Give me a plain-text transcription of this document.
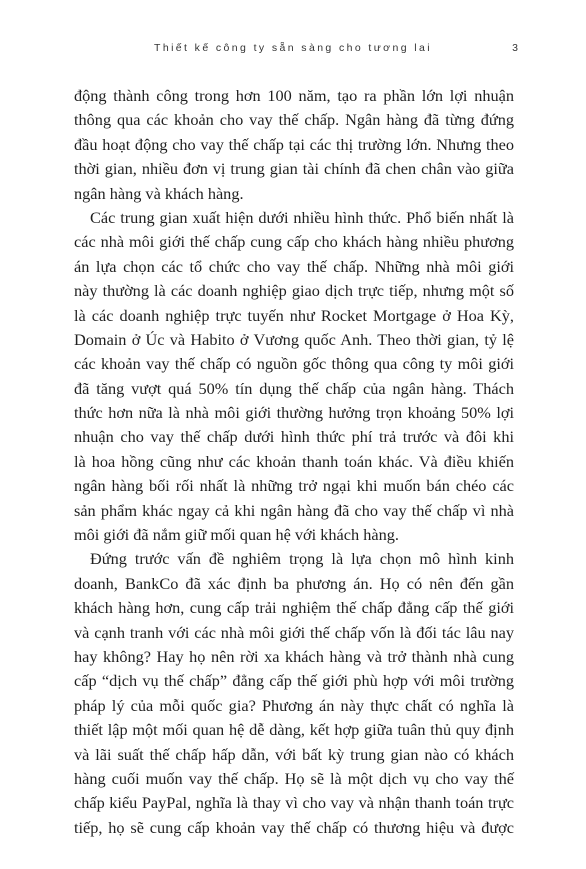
Thiết kế công ty sẵn sàng cho tương lai	3
động thành công trong hơn 100 năm, tạo ra phần lớn lợi nhuận
thông qua các khoản cho vay thế chấp. Ngân hàng đã từng đứng
đầu hoạt động cho vay thế chấp tại các thị trường lớn. Nhưng theo
thời gian, nhiều đơn vị trung gian tài chính đã chen chân vào giữa
ngân hàng và khách hàng.
Các trung gian xuất hiện dưới nhiều hình thức. Phổ biến nhất là
các nhà môi giới thế chấp cung cấp cho khách hàng nhiều phương
án lựa chọn các tổ chức cho vay thế chấp. Những nhà môi giới
này thường là các doanh nghiệp giao dịch trực tiếp, nhưng một số
là các doanh nghiệp trực tuyến như Rocket Mortgage ở Hoa Kỳ,
Domain ở Úc và Habito ở Vương quốc Anh. Theo thời gian, tỷ lệ
các khoản vay thế chấp có nguồn gốc thông qua công ty môi giới
đã tăng vượt quá 50% tín dụng thế chấp của ngân hàng. Thách
thức hơn nữa là nhà môi giới thường hưởng trọn khoảng 50% lợi
nhuận cho vay thế chấp dưới hình thức phí trả trước và đôi khi
là hoa hồng cũng như các khoản thanh toán khác. Và điều khiến
ngân hàng bối rối nhất là những trở ngại khi muốn bán chéo các
sản phẩm khác ngay cả khi ngân hàng đã cho vay thế chấp vì nhà
môi giới đã nắm giữ mối quan hệ với khách hàng.
Đứng trước vấn đề nghiêm trọng là lựa chọn mô hình kinh
doanh, BankCo đã xác định ba phương án. Họ có nên đến gần
khách hàng hơn, cung cấp trải nghiệm thế chấp đẳng cấp thế giới
và cạnh tranh với các nhà môi giới thế chấp vốn là đối tác lâu nay
hay không? Hay họ nên rời xa khách hàng và trở thành nhà cung
cấp “dịch vụ thế chấp” đẳng cấp thế giới phù hợp với môi trường
pháp lý của mỗi quốc gia? Phương án này thực chất có nghĩa là
thiết lập một mối quan hệ dễ dàng, kết hợp giữa tuân thủ quy định
và lãi suất thế chấp hấp dẫn, với bất kỳ trung gian nào có khách
hàng cuối muốn vay thế chấp. Họ sẽ là một dịch vụ cho vay thế
chấp kiểu PayPal, nghĩa là thay vì cho vay và nhận thanh toán trực
tiếp, họ sẽ cung cấp khoản vay thế chấp có thương hiệu và được
